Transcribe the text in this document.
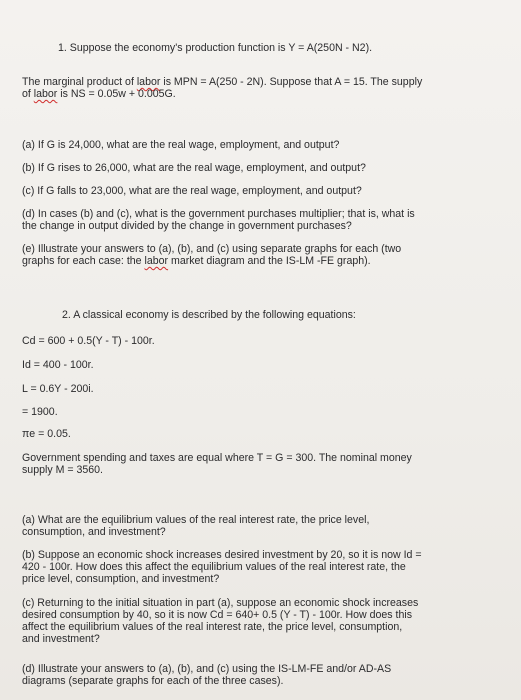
1. Suppose the economy's production function is Y = A(250N - N2).
The marginal product of labor is MPN = A(250 - 2N). Suppose that A = 15. The supply
of labor is NS = 0.05w + 0.005G.
(a) If G is 24,000, what are the real wage, employment, and output?
(b) If G rises to 26,000, what are the real wage, employment, and output?
(c) If G falls to 23,000, what are the real wage, employment, and output?
(d) In cases (b) and (c), what is the government purchases multiplier; that is, what is
the change in output divided by the change in government purchases?
(e) Illustrate your answers to (a), (b), and (c) using separate graphs for each (two
graphs for each case: the labor market diagram and the IS-LM -FE graph).
2. A classical economy is described by the following equations:
Cd = 600 + 0.5(Y - T) - 100r.
Id = 400 - 100r.
L = 0.6Y - 200i.
= 1900.
πe = 0.05.
Government spending and taxes are equal where T = G = 300. The nominal money
supply M = 3560.
(a) What are the equilibrium values of the real interest rate, the price level,
consumption, and investment?
(b) Suppose an economic shock increases desired investment by 20, so it is now Id =
420 - 100r. How does this affect the equilibrium values of the real interest rate, the
price level, consumption, and investment?
(c) Returning to the initial situation in part (a), suppose an economic shock increases
desired consumption by 40, so it is now Cd = 640+ 0.5 (Y - T) - 100r. How does this
affect the equilibrium values of the real interest rate, the price level, consumption,
and investment?
(d) Illustrate your answers to (a), (b), and (c) using the IS-LM-FE and/or AD-AS
diagrams (separate graphs for each of the three cases).
